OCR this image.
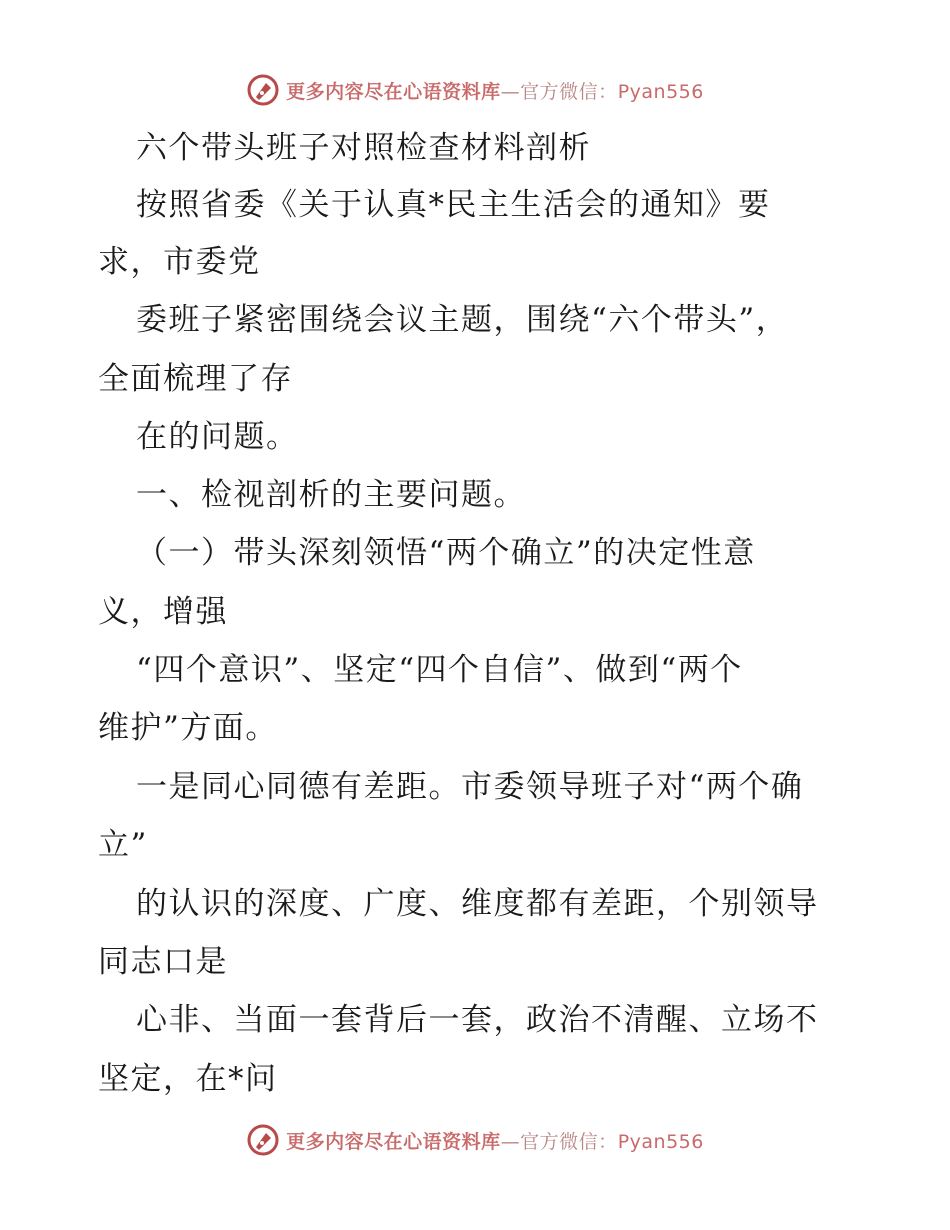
更多内容尽在心语资料库—官方微信：Pyan556
六个带头班子对照检查材料剖析
按照省委《关于认真*民主生活会的通知》要
求，市委党
委班子紧密围绕会议主题，围绕“六个带头”，
全面梳理了存
在的问题。
一、检视剖析的主要问题。
（一）带头深刻领悟“两个确立”的决定性意
义，增强
“四个意识”、坚定“四个自信”、做到“两个
维护”方面。
一是同心同德有差距。市委领导班子对“两个确
立”
的认识的深度、广度、维度都有差距，个别领导
同志口是
心非、当面一套背后一套，政治不清醒、立场不
坚定，在*问
更多内容尽在心语资料库—官方微信：Pyan556
